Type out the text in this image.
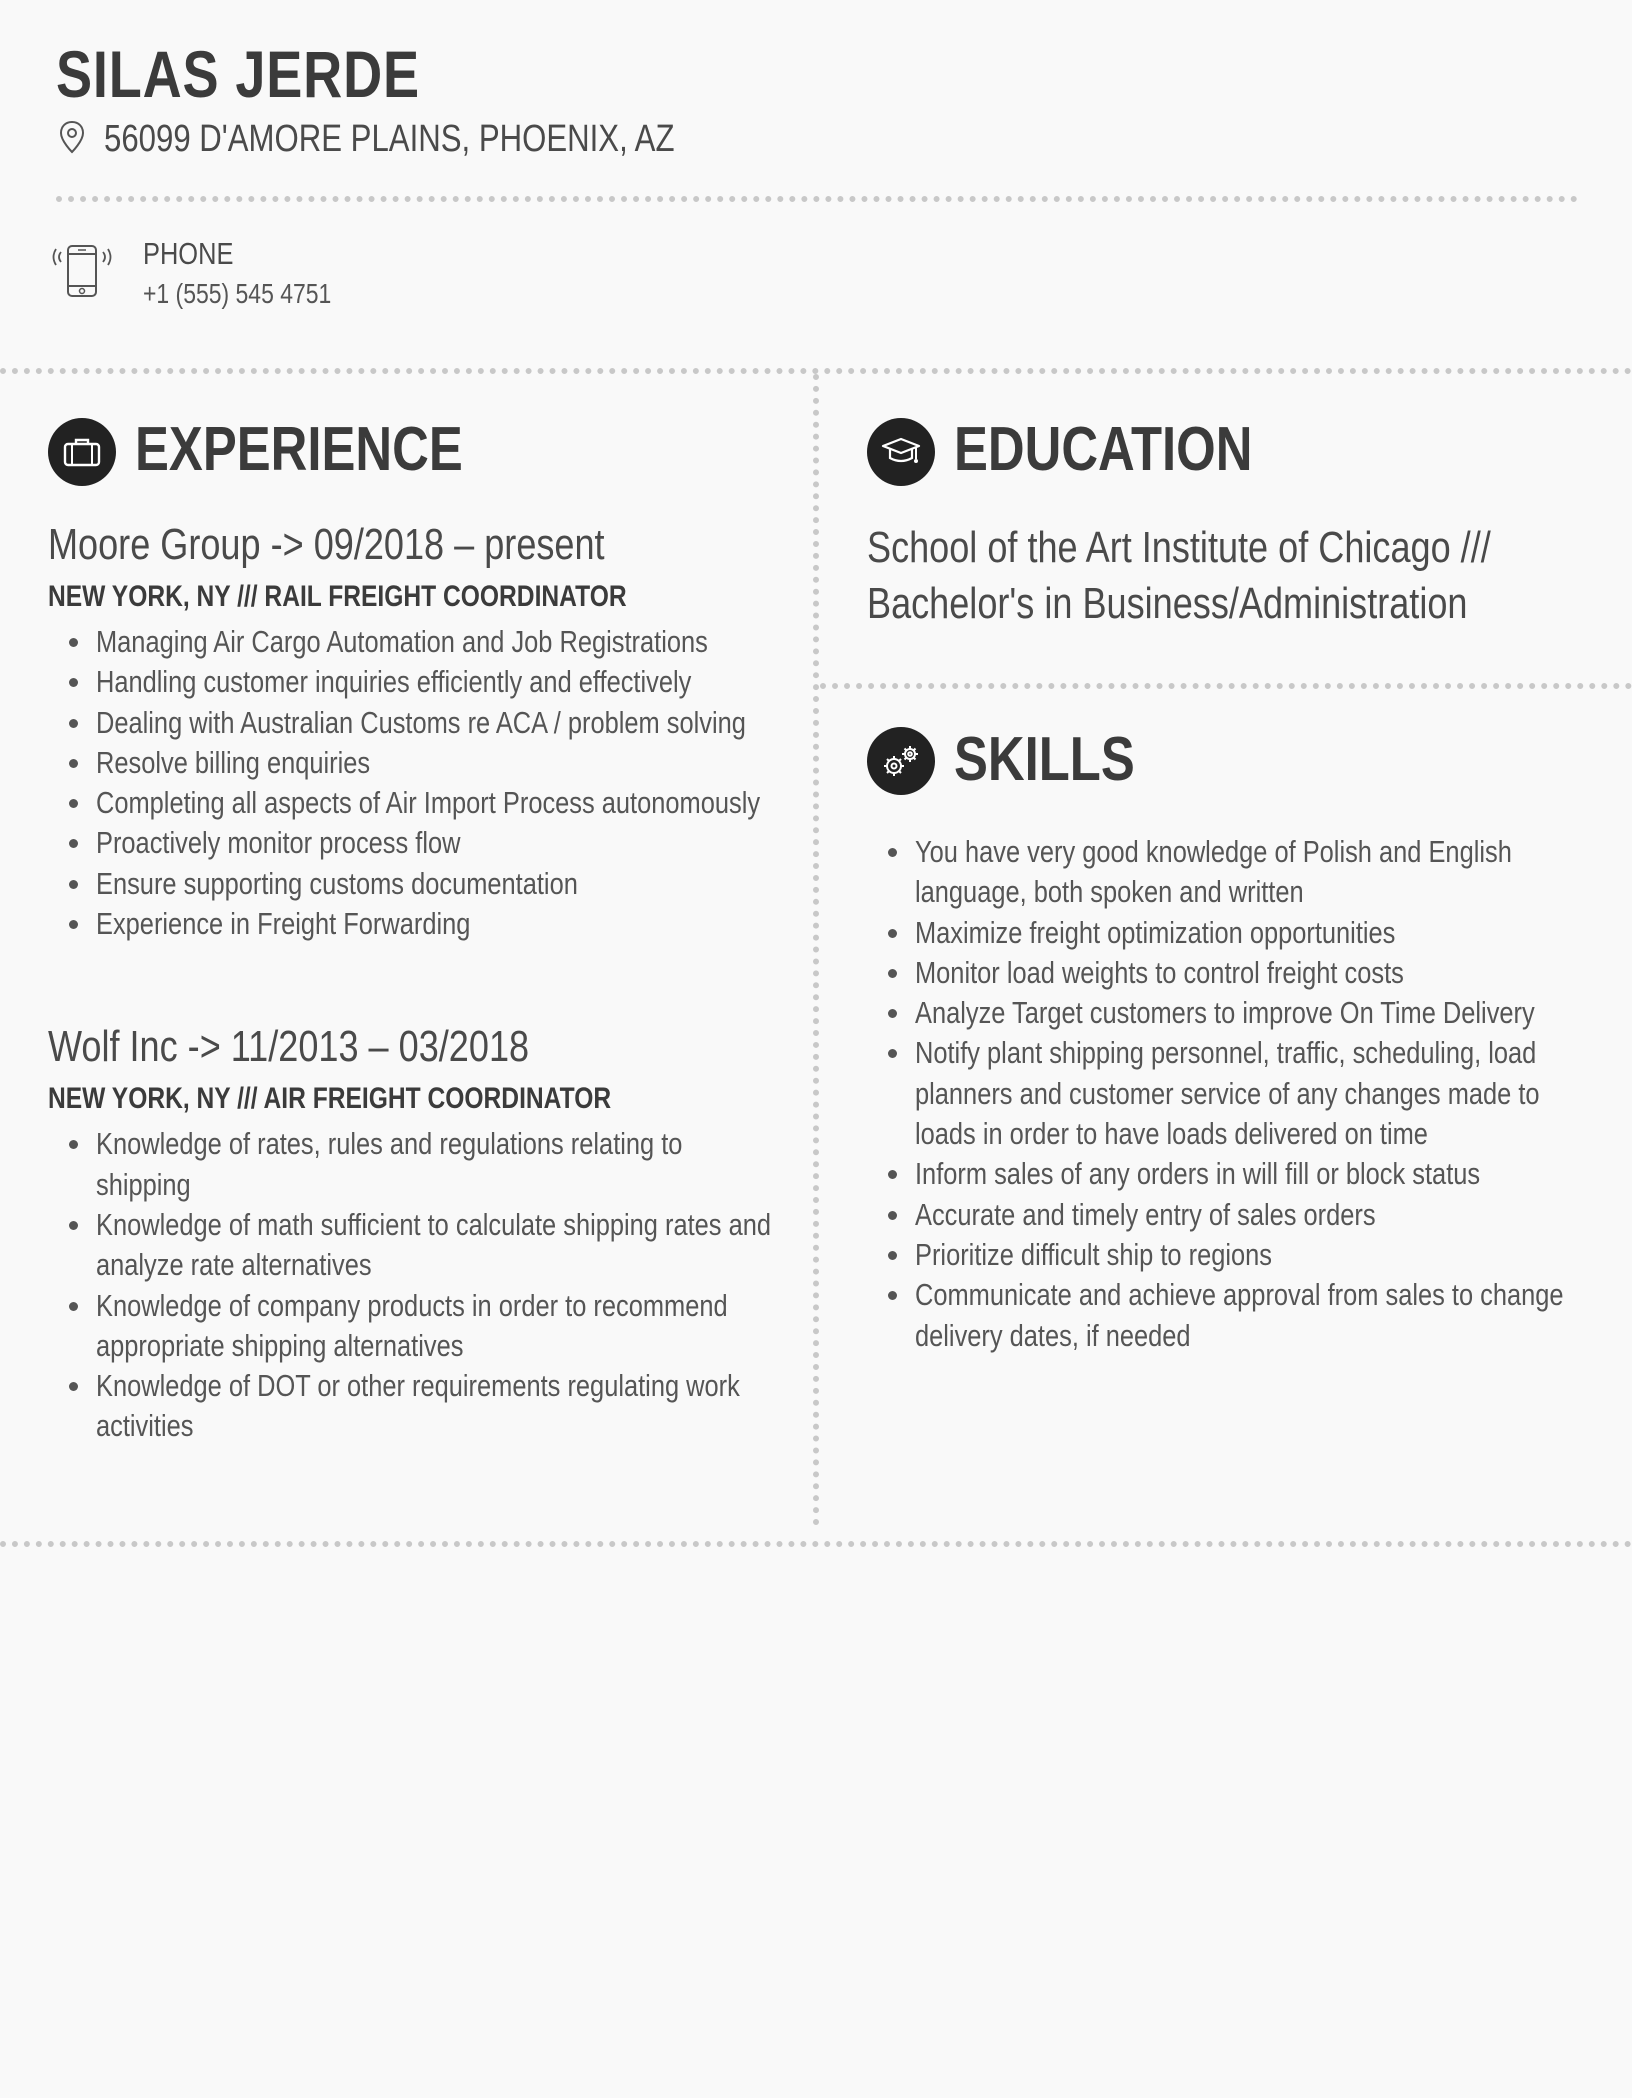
SILAS JERDE
56099 D'AMORE PLAINS, PHOENIX, AZ
PHONE
+1 (555) 545 4751
EXPERIENCE

Moore Group -> 09/2018 – present

NEW YORK, NY /// RAIL FREIGHT COORDINATOR

Managing Air Cargo Automation and Job Registrations
Handling customer inquiries efficiently and effectively
Dealing with Australian Customs re ACA / problem solving
Resolve billing enquiries
Completing all aspects of Air Import Process autonomously
Proactively monitor process flow
Ensure supporting customs documentation
Experience in Freight Forwarding

Wolf Inc -> 11/2013 – 03/2018

NEW YORK, NY /// AIR FREIGHT COORDINATOR

Knowledge of rates, rules and regulations relating to shipping
Knowledge of math sufficient to calculate shipping rates and analyze rate alternatives
Knowledge of company products in order to recommend appropriate shipping alternatives
Knowledge of DOT or other requirements regulating work activities
EDUCATION

School of the Art Institute of Chicago /// Bachelor's in Business/Administration

SKILLS
You have very good knowledge of Polish and English language, both spoken and written
Maximize freight optimization opportunities
Monitor load weights to control freight costs
Analyze Target customers to improve On Time Delivery
Notify plant shipping personnel, traffic, scheduling, load planners and customer service of any changes made to loads in order to have loads delivered on time
Inform sales of any orders in will fill or block status
Accurate and timely entry of sales orders
Prioritize difficult ship to regions
Communicate and achieve approval from sales to change delivery dates, if needed
